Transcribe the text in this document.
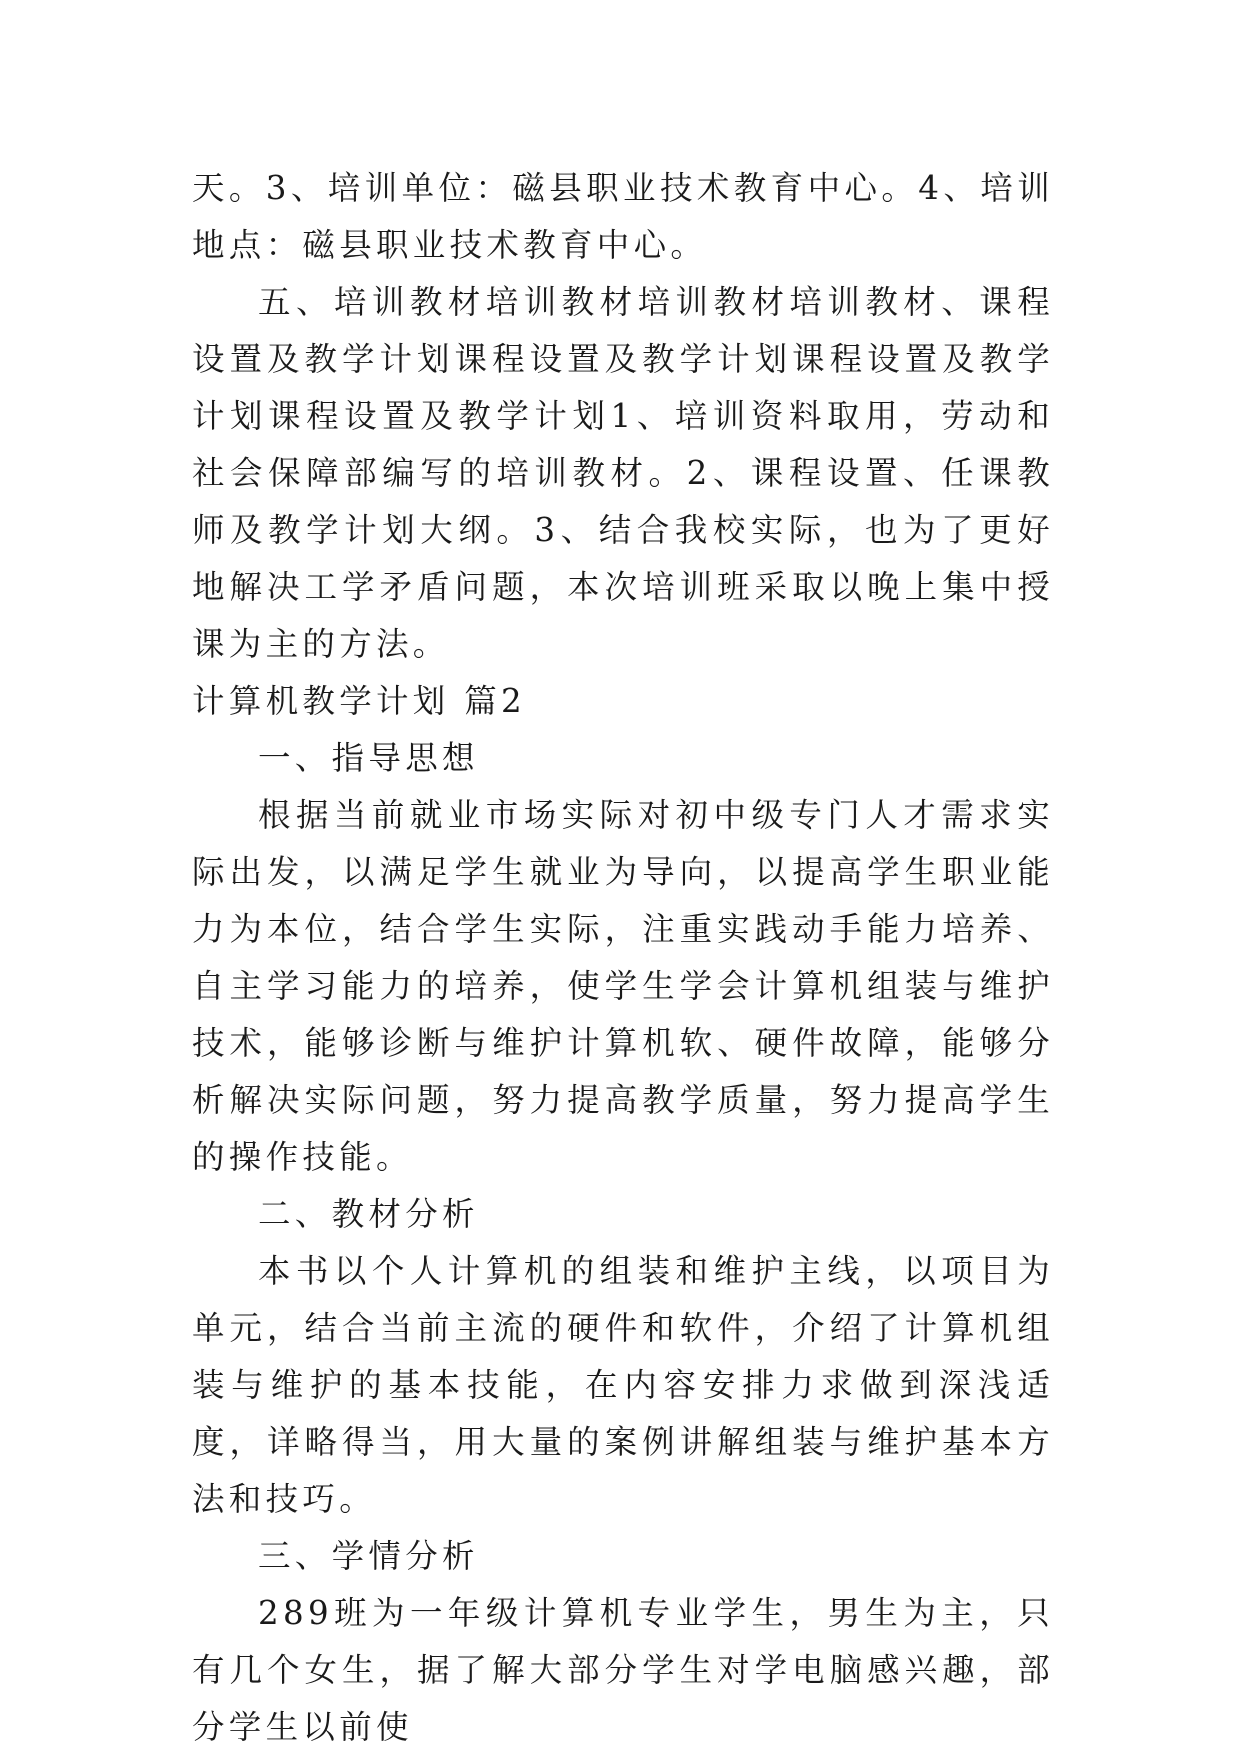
天。3、培训单位：磁县职业技术教育中心。4、培训地点：磁县职业技术教育中心。

五、培训教材培训教材培训教材培训教材、课程设置及教学计划课程设置及教学计划课程设置及教学计划课程设置及教学计划1、培训资料取用，劳动和社会保障部编写的培训教材。2、课程设置、任课教师及教学计划大纲。3、结合我校实际，也为了更好地解决工学矛盾问题，本次培训班采取以晚上集中授课为主的方法。

计算机教学计划 篇2

一、指导思想

根据当前就业市场实际对初中级专门人才需求实际出发，以满足学生就业为导向，以提高学生职业能力为本位，结合学生实际，注重实践动手能力培养、自主学习能力的培养，使学生学会计算机组装与维护技术，能够诊断与维护计算机软、硬件故障，能够分析解决实际问题，努力提高教学质量，努力提高学生的操作技能。

二、教材分析

本书以个人计算机的组装和维护主线，以项目为单元，结合当前主流的硬件和软件，介绍了计算机组装与维护的基本技能，在内容安排力求做到深浅适度，详略得当，用大量的案例讲解组装与维护基本方法和技巧。

三、学情分析

289班为一年级计算机专业学生，男生为主，只有几个女生，据了解大部分学生对学电脑感兴趣，部分学生以前使
